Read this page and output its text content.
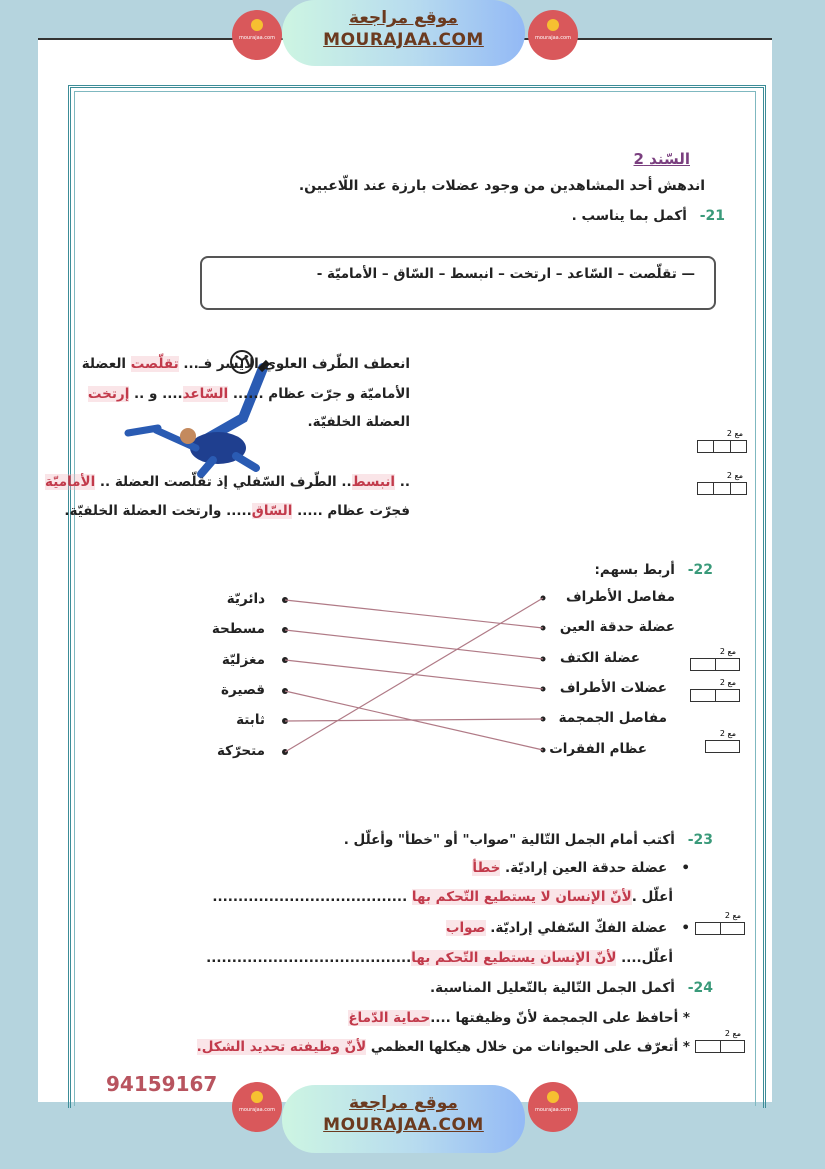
mourajaa.com
موقع مراجعة
MOURAJAA.COM	mourajaa.com
السّند 2
اندهش أحد المشاهدين من وجود عضلات بارزة عند اللّاعبين.
21-   أكمل بما يناسب .
— تقلّصت – السّاعد – ارتخت – انبسط – السّاق – الأماميّة -
انعطف الطّرف العلوي الأيسر فـ... تقلّصت العضلة
الأماميّة و جرّت عظام ...... السّاعد.... و .. إرتخت
العضلة الخلفيّة.
.. انبسط.. الطّرف السّفلي إذ تقلّصت العضلة .. الأماميّة
فجرّت عظام ..... السّاق..... وارتخت العضلة الخلفيّة.
مع 2
مع 2
22-   أربط بسهم:
مفاصل الأطراف
عضلة حدقة العين
عضلة الكتف
عضلات الأطراف
مفاصل الجمجمة
عظام الفقرات
دائريّة
مسطحة
مغزليّة
قصيرة
ثابتة
متحرّكة
مع 2
مع 2
مع 2
23-   أكتب أمام الجمل التّالية "صواب" أو "خطأ" وأعلّل .
•   عضلة حدقة العين إراديّة. خطأ
أعلّل .لأنّ الإنسان لا يستطيع التّحكم بها ......................................
•   عضلة الفكّ السّفلي إراديّة. صواب
أعلّل.... لأنّ الإنسان يستطيع التّحكم بها........................................
مع 2
24-   أكمل الجمل التّالية بالتّعليل المناسبة.
* أحافظ على الجمجمة لأنّ وظيفتها ....حماية الدّماغ
* أتعرّف على الحيوانات من خلال هيكلها العظمي لأنّ وظيفته تحديد الشكل.
مع 2
94159167
mourajaa.com	موقع مراجعة
MOURAJAA.COM
mourajaa.com
